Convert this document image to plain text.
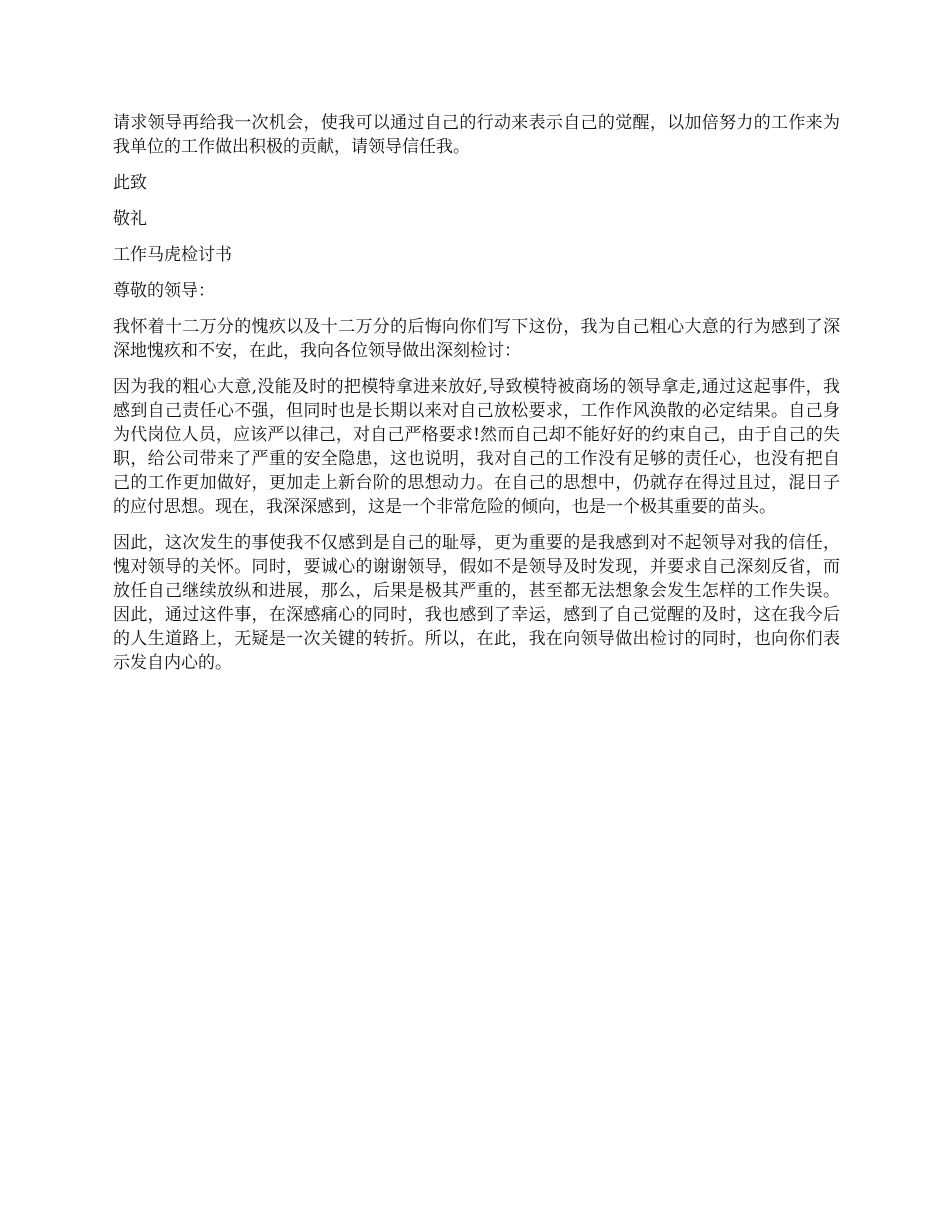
请求领导再给我一次机会，使我可以通过自己的行动来表示自己的觉醒，以加倍努力的工作来为我单位的工作做出积极的贡献，请领导信任我。

此致

敬礼

工作马虎检讨书

尊敬的领导：

我怀着十二万分的愧疚以及十二万分的后悔向你们写下这份，我为自己粗心大意的行为感到了深深地愧疚和不安，在此，我向各位领导做出深刻检讨：

因为我的粗心大意,没能及时的把模特拿进来放好,导致模特被商场的领导拿走,通过这起事件，我感到自己责任心不强，但同时也是长期以来对自己放松要求，工作作风涣散的必定结果。自己身为代岗位人员，应该严以律己，对自己严格要求!然而自己却不能好好的约束自己，由于自己的失职，给公司带来了严重的安全隐患，这也说明，我对自己的工作没有足够的责任心，也没有把自己的工作更加做好，更加走上新台阶的思想动力。在自己的思想中，仍就存在得过且过，混日子的应付思想。现在，我深深感到，这是一个非常危险的倾向，也是一个极其重要的苗头。

因此，这次发生的事使我不仅感到是自己的耻辱，更为重要的是我感到对不起领导对我的信任，愧对领导的关怀。同时，要诚心的谢谢领导，假如不是领导及时发现，并要求自己深刻反省，而放任自己继续放纵和进展，那么，后果是极其严重的，甚至都无法想象会发生怎样的工作失误。因此，通过这件事，在深感痛心的同时，我也感到了幸运，感到了自己觉醒的及时，这在我今后的人生道路上，无疑是一次关键的转折。所以，在此，我在向领导做出检讨的同时，也向你们表示发自内心的。
